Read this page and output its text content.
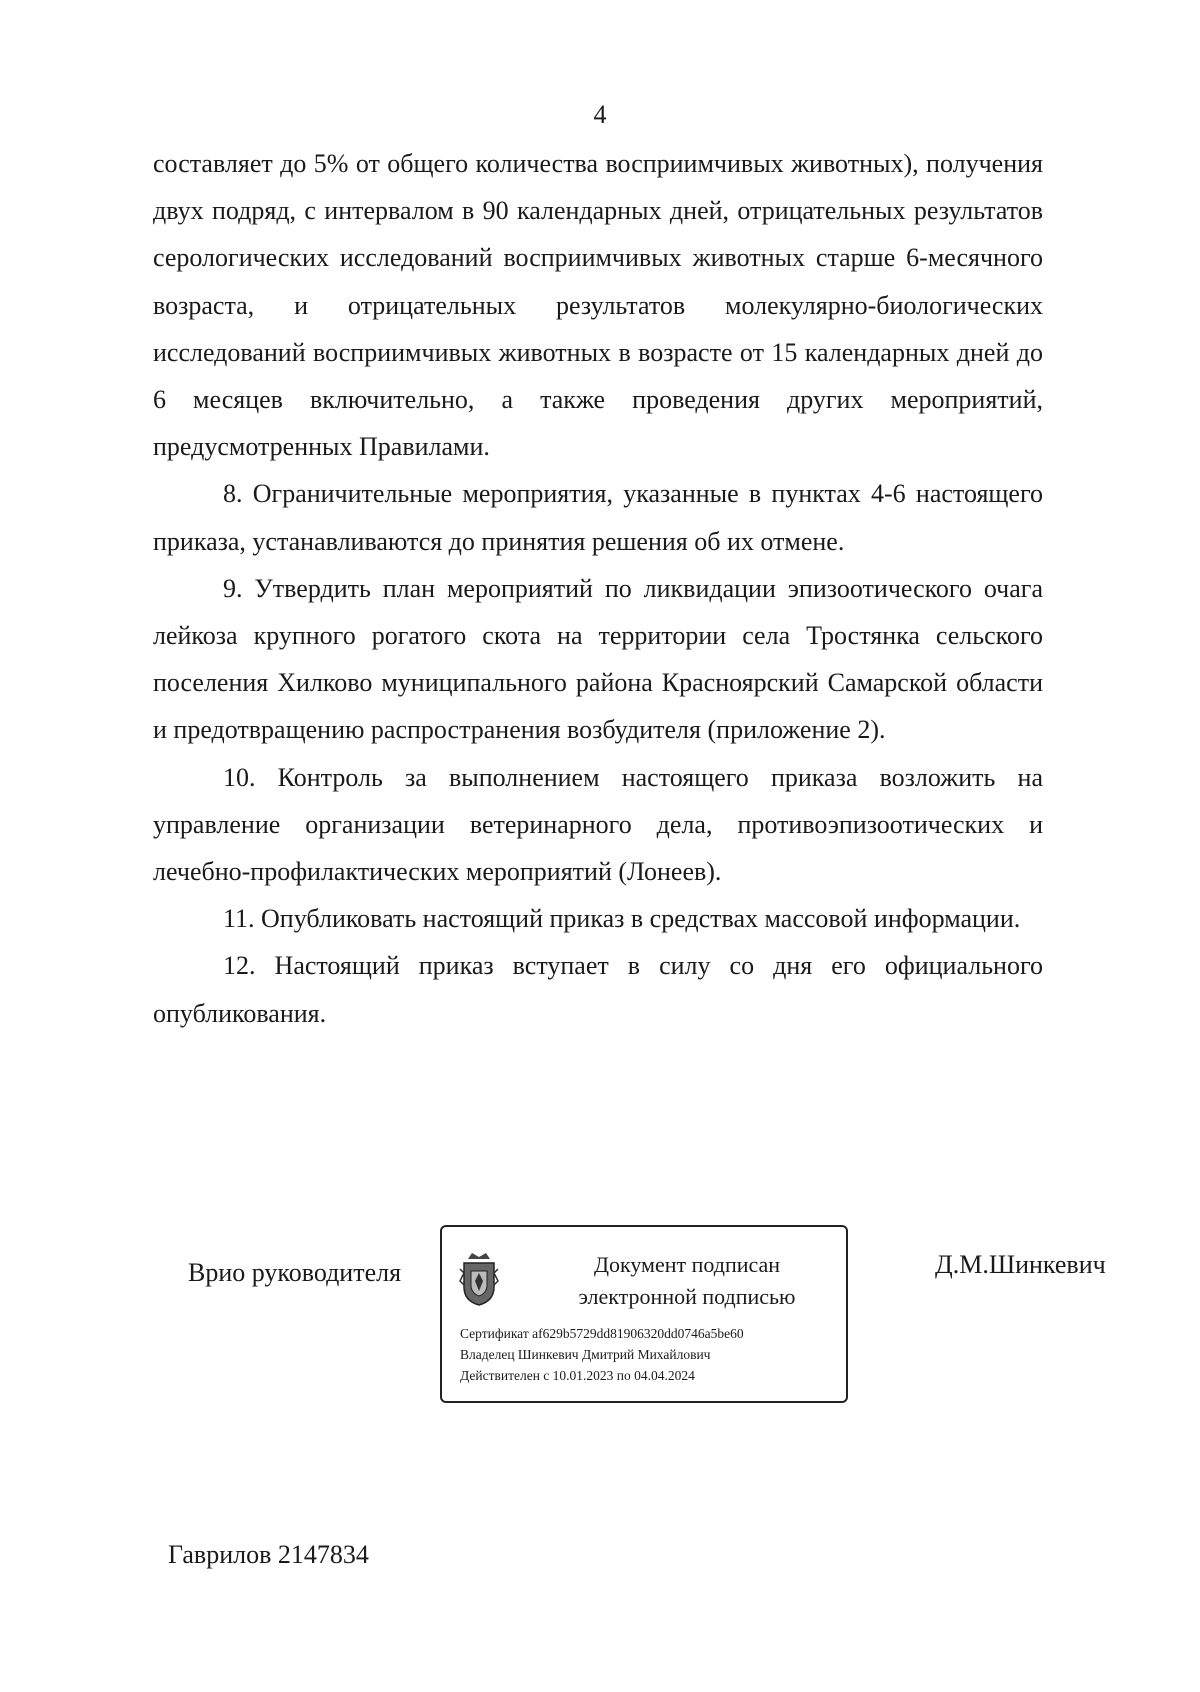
4

составляет до 5% от общего количества восприимчивых животных), получения двух подряд, с интервалом в 90 календарных дней, отрицательных результатов серологических исследований восприимчивых животных старше 6-месячного возраста, и отрицательных результатов молекулярно-биологических исследований восприимчивых животных в возрасте от 15 календарных дней до 6 месяцев включительно, а также проведения других мероприятий, предусмотренных Правилами.

8. Ограничительные мероприятия, указанные в пунктах 4-6 настоящего приказа, устанавливаются до принятия решения об их отмене.

9. Утвердить план мероприятий по ликвидации эпизоотического очага лейкоза крупного рогатого скота на территории села Тростянка сельского поселения Хилково муниципального района Красноярский Самарской области и предотвращению распространения возбудителя (приложение 2).

10. Контроль за выполнением настоящего приказа возложить на управление организации ветеринарного дела, противоэпизоотических и лечебно-профилактических мероприятий (Лонеев).

11. Опубликовать настоящий приказ в средствах массовой информации.

12. Настоящий приказ вступает в силу со дня его официального опубликования.

Врио руководителя	Документ подписан
электронной подписью
Сертификат af629b5729dd81906320dd0746a5be60
Владелец Шинкевич Дмитрий Михайлович
Действителен с 10.01.2023 по 04.04.2024
Д.М.Шинкевич
Гаврилов 2147834
